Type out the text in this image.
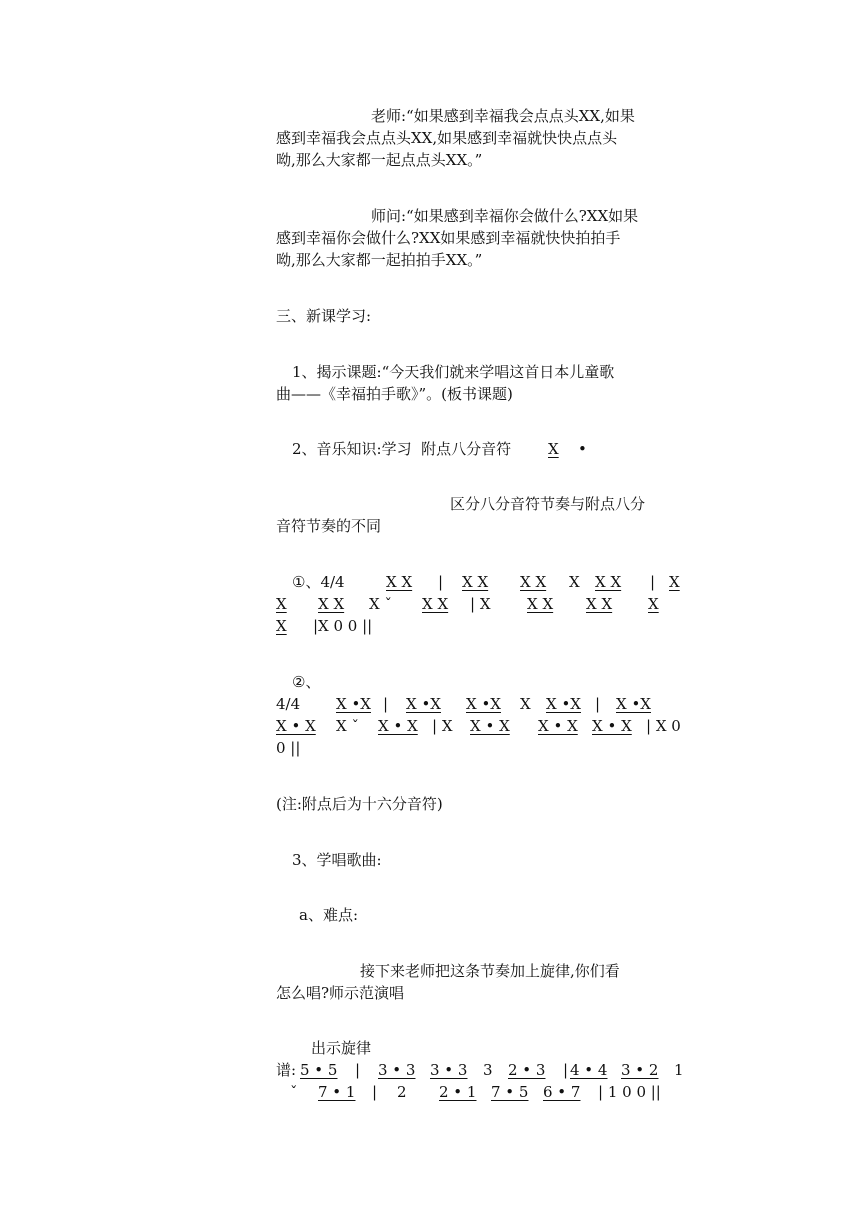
老师:“如果感到幸福我会点点头XX,如果
感到幸福我会点点头XX,如果感到幸福就快快点点头
呦,那么大家都一起点点头XX。”
师问:“如果感到幸福你会做什么?XX如果
感到幸福你会做什么?XX如果感到幸福就快快拍拍手
呦,那么大家都一起拍拍手XX。”
三、新课学习:
1、揭示课题:“今天我们就来学唱这首日本儿童歌
曲——《幸福拍手歌》”。(板书课题)
2、音乐知识:学习  附点八分音符 X •
区分八分音符节奏与附点八分
音符节奏的不同
①、4/4	X X | X X X X X X X | X
X X X X ˇ X X | X X X X X X
X |X 0 0 ||
②、
4/4 X •X | X •X X •X X X •X | X •X
X • X X ˇ X • X | X X • X X • X X • X | X 0
0 ||
(注:附点后为十六分音符)
3、学唱歌曲:
a、难点:
接下来老师把这条节奏加上旋律,你们看
怎么唱?师示范演唱
出示旋律
谱: 5 • 5 | 3 • 3 3 • 3 3 2 • 3 | 4 • 4 3 • 2 1
ˇ 7 • 1 | 2 2 • 1 7 • 5 6 • 7 | 1 0 0 ||
